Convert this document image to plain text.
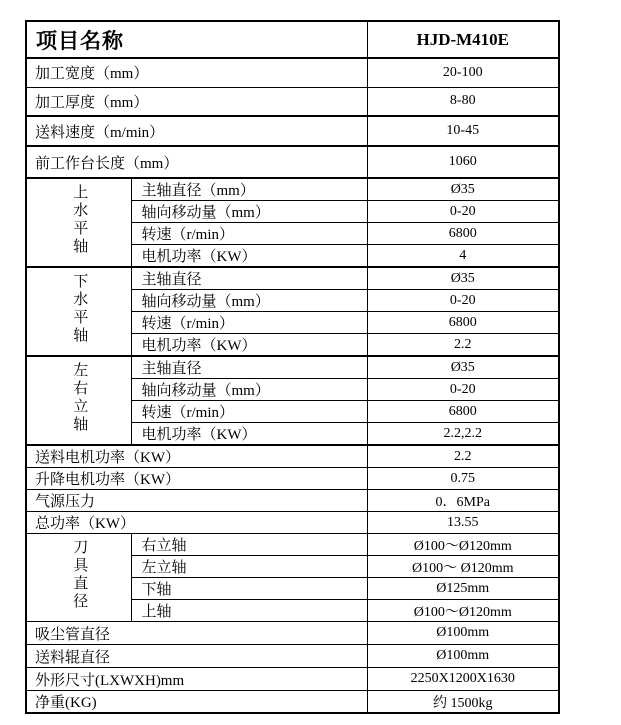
项目名称		HJD-M410E
加工宽度（mm）		20-100
加工厚度（mm）		8-80
送料速度（m/min）		10-45
前工作台长度（mm）		1060
上水平轴	主轴直径（mm）	Ø35
	轴向移动量（mm）	0-20
	转速（r/min）	6800
	电机功率（KW）	4
下水平轴	主轴直径	Ø35
	轴向移动量（mm）	0-20
	转速（r/min）	6800
	电机功率（KW）	2.2
左右立轴	主轴直径	Ø35
	轴向移动量（mm）	0-20
	转速（r/min）	6800
	电机功率（KW）	2.2,2.2
送料电机功率（KW）		2.2
升降电机功率（KW）		0.75
气源压力		0．6MPa
总功率（KW）		13.55
刀具直径	右立轴	Ø100～Ø120mm
	左立轴	Ø100～ Ø120mm
	下轴	Ø125mm
	上轴	Ø100～Ø120mm
吸尘管直径		Ø100mm
送料辊直径		Ø100mm
外形尺寸(LXWXH)mm		2250X1200X1630
净重(KG)		约 1500kg
